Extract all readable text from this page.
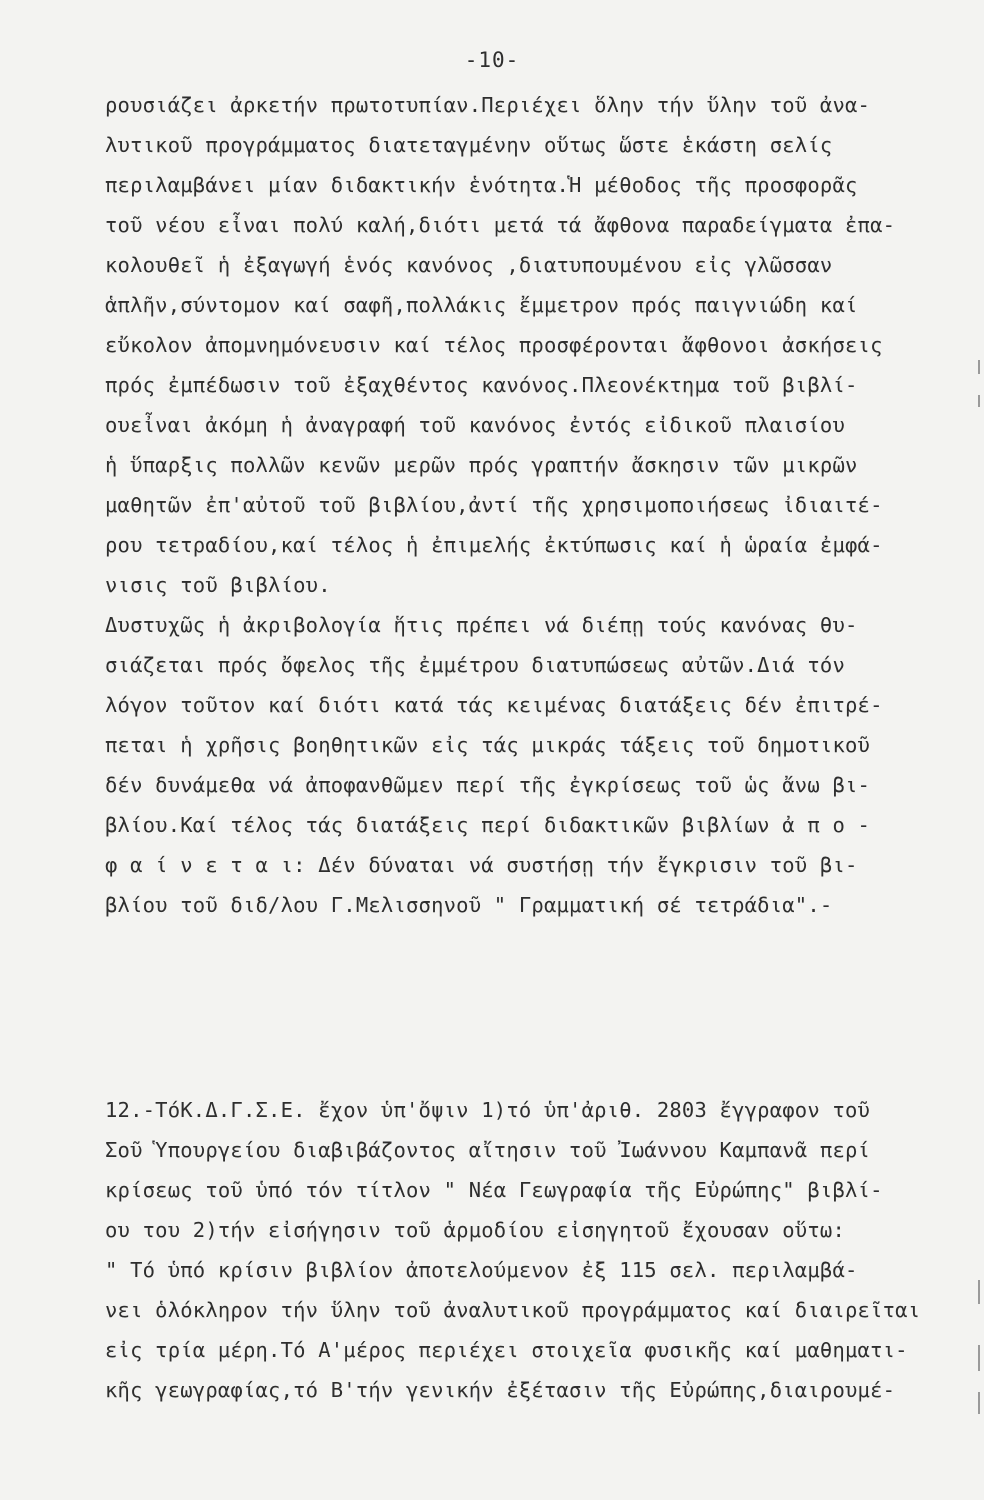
-10-
ρουσιάζει ἀρκετήν πρωτοτυπίαν.Περιέχει ὅλην τήν ὕλην τοῦ ἀνα-
λυτικοῦ προγράμματος διατεταγμένην οὕτως ὥστε ἑκάστη σελίς
περιλαμβάνει μίαν διδακτικήν ἑνότητα.Ἡ μέθοδος τῆς προσφορᾶς
τοῦ νέου εἶναι πολύ καλή,διότι μετά τά ἄφθονα παραδείγματα ἐπα-
κολουθεῖ ἡ ἐξαγωγή ἑνός κανόνος ,διατυπουμένου εἰς γλῶσσαν
ἁπλῆν,σύντομον καί σαφῆ,πολλάκις ἔμμετρον πρός παιγνιώδη καί
εὔκολον ἀπομνημόνευσιν καί τέλος προσφέρονται ἄφθονοι ἀσκήσεις
πρός ἐμπέδωσιν τοῦ ἐξαχθέντος κανόνος.Πλεονέκτημα τοῦ βιβλί-
ουεἶναι ἀκόμη ἡ ἀναγραφή τοῦ κανόνος ἐντός εἰδικοῦ πλαισίου
ἡ ὕπαρξις πολλῶν κενῶν μερῶν πρός γραπτήν ἄσκησιν τῶν μικρῶν
μαθητῶν ἐπ'αὐτοῦ τοῦ βιβλίου,ἀντί τῆς χρησιμοποιήσεως ἰδιαιτέ-
ρου τετραδίου,καί τέλος ἡ ἐπιμελής ἐκτύπωσις καί ἡ ὡραία ἐμφά-
νισις τοῦ βιβλίου.
Δυστυχῶς ἡ ἀκριβολογία ἥτις πρέπει νά διέπῃ τούς κανόνας θυ-
σιάζεται πρός ὄφελος τῆς ἐμμέτρου διατυπώσεως αὐτῶν.Διά τόν
λόγον τοῦτον καί διότι κατά τάς κειμένας διατάξεις δέν ἐπιτρέ-
πεται ἡ χρῆσις βοηθητικῶν εἰς τάς μικράς τάξεις τοῦ δημοτικοῦ
δέν δυνάμεθα νά ἀποφανθῶμεν περί τῆς ἐγκρίσεως τοῦ ὡς ἄνω βι-
βλίου.Καί τέλος τάς διατάξεις περί διδακτικῶν βιβλίων ἀ π ο -
φ α ί ν ε τ α ι: Δέν δύναται νά συστήσῃ τήν ἔγκρισιν τοῦ βι-
βλίου τοῦ διδ/λου Γ.Μελισσηνοῦ " Γραμματική σέ τετράδια".-
12.-ΤόΚ.Δ.Γ.Σ.Ε. ἔχον ὑπ'ὄψιν 1)τό ὑπ'ἀριθ. 2803 ἔγγραφον τοῦ
Σοῦ Ὑπουργείου διαβιβάζοντος αἴτησιν τοῦ Ἰωάννου Καμπανᾶ περί
κρίσεως τοῦ ὑπό τόν τίτλον " Νέα Γεωγραφία τῆς Εὐρώπης" βιβλί-
ου του 2)τήν εἰσήγησιν τοῦ ἁρμοδίου εἰσηγητοῦ ἔχουσαν οὕτω:
" Τό ὑπό κρίσιν βιβλίον ἀποτελούμενον ἐξ 115 σελ. περιλαμβά-
νει ὁλόκληρον τήν ὕλην τοῦ ἀναλυτικοῦ προγράμματος καί διαιρεῖται
εἰς τρία μέρη.Τό Α'μέρος περιέχει στοιχεῖα φυσικῆς καί μαθηματι-
κῆς γεωγραφίας,τό Β'τήν γενικήν ἐξέτασιν τῆς Εὐρώπης,διαιρουμέ-
